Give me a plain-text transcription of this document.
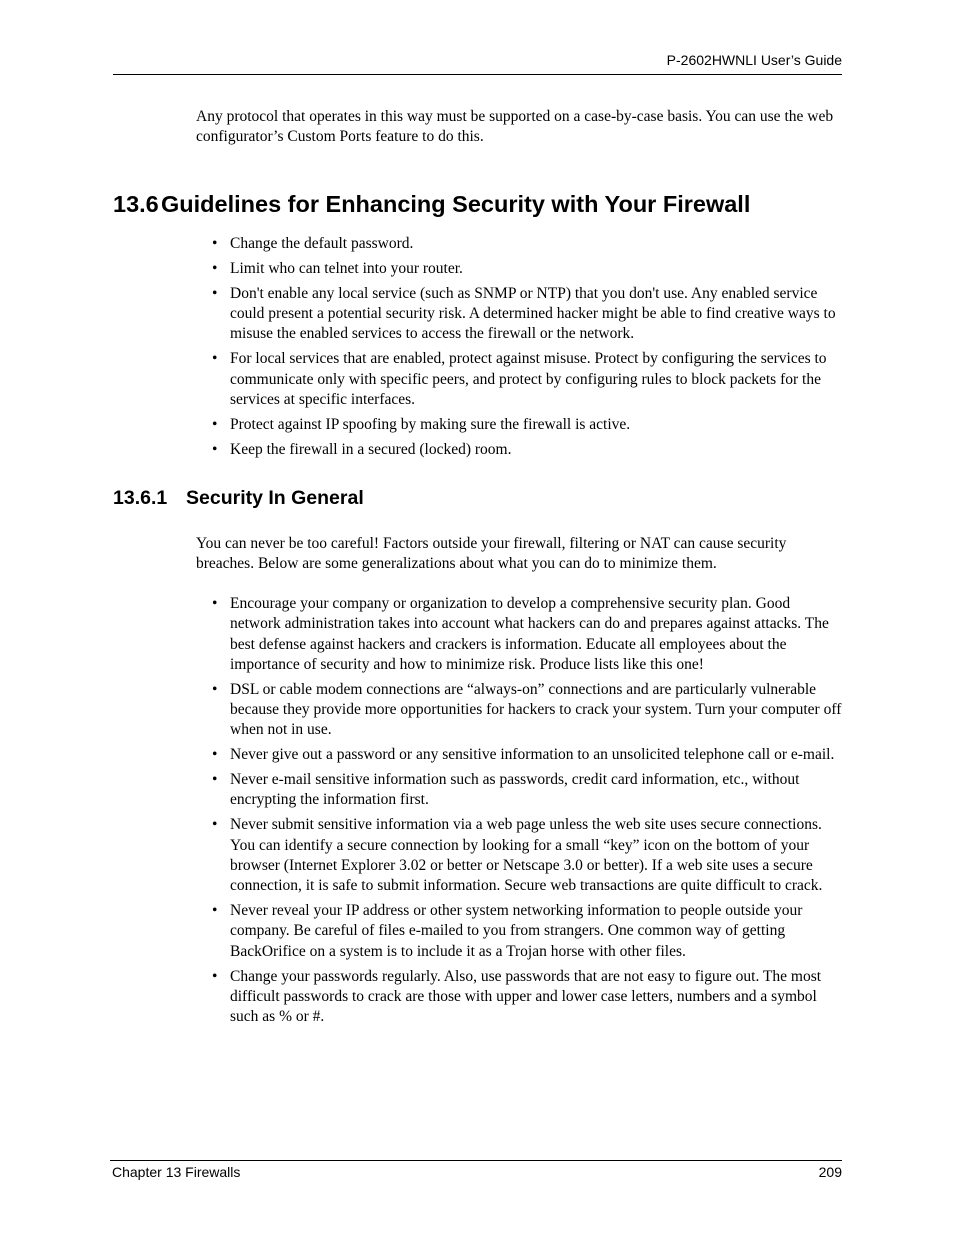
P-2602HWNLI User’s Guide

Any protocol that operates in this way must be supported on a case-by-case basis. You can use the web configurator’s Custom Ports feature to do this.

13.6Guidelines for Enhancing Security with Your Firewall
• Change the default password.
• Limit who can telnet into your router.
• Don't enable any local service (such as SNMP or NTP) that you don't use. Any enabled service could present a potential security risk. A determined hacker might be able to find creative ways to misuse the enabled services to access the firewall or the network.
• For local services that are enabled, protect against misuse. Protect by configuring the services to communicate only with specific peers, and protect by configuring rules to block packets for the services at specific interfaces.
• Protect against IP spoofing by making sure the firewall is active.
• Keep the firewall in a secured (locked) room.
13.6.1 Security In General

You can never be too careful! Factors outside your firewall, filtering or NAT can cause security breaches. Below are some generalizations about what you can do to minimize them.

• Encourage your company or organization to develop a comprehensive security plan. Good network administration takes into account what hackers can do and prepares against attacks. The best defense against hackers and crackers is information. Educate all employees about the importance of security and how to minimize risk. Produce lists like this one!
• DSL or cable modem connections are “always-on” connections and are particularly vulnerable because they provide more opportunities for hackers to crack your system. Turn your computer off when not in use.
• Never give out a password or any sensitive information to an unsolicited telephone call or e-mail.
• Never e-mail sensitive information such as passwords, credit card information, etc., without encrypting the information first.
• Never submit sensitive information via a web page unless the web site uses secure connections. You can identify a secure connection by looking for a small “key” icon on the bottom of your browser (Internet Explorer 3.02 or better or Netscape 3.0 or better). If a web site uses a secure connection, it is safe to submit information. Secure web transactions are quite difficult to crack.
• Never reveal your IP address or other system networking information to people outside your company. Be careful of files e-mailed to you from strangers. One common way of getting BackOrifice on a system is to include it as a Trojan horse with other files.
• Change your passwords regularly. Also, use passwords that are not easy to figure out. The most difficult passwords to crack are those with upper and lower case letters, numbers and a symbol such as % or #.
Chapter 13 Firewalls	209
